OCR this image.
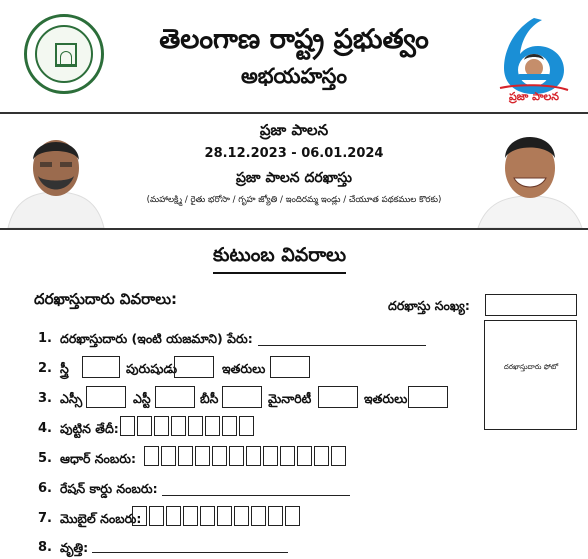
తెలంగాణ రాష్ట్ర ప్రభుత్వం
అభయహస్తం
ప్రజా పాలన
ప్రజా పాలన
28.12.2023 - 06.01.2024
ప్రజా పాలన దరఖాస్తు
(మహాలక్ష్మి / రైతు భరోసా / గృహ జ్యోతి / ఇందిరమ్మ ఇండ్లు / చేయూత పథకముల కొరకు)
కుటుంబ వివరాలు
దరఖాస్తుదారు వివరాలు:	దరఖాస్తు సంఖ్య:
దరఖాస్తుదారు ఫోటో
1. దరఖాస్తుదారు (ఇంటి యజమాని) పేరు:
2. స్త్రీ	పురుషుడు	ఇతరులు
3. ఎస్సీ	ఎస్టీ	బీసీ	మైనారిటీ	ఇతరులు
4. పుట్టిన తేదీ:
5. ఆధార్ నంబరు:
6. రేషన్ కార్డు నంబరు:
7. మొబైల్ నంబరు:
8. వృత్తి:
